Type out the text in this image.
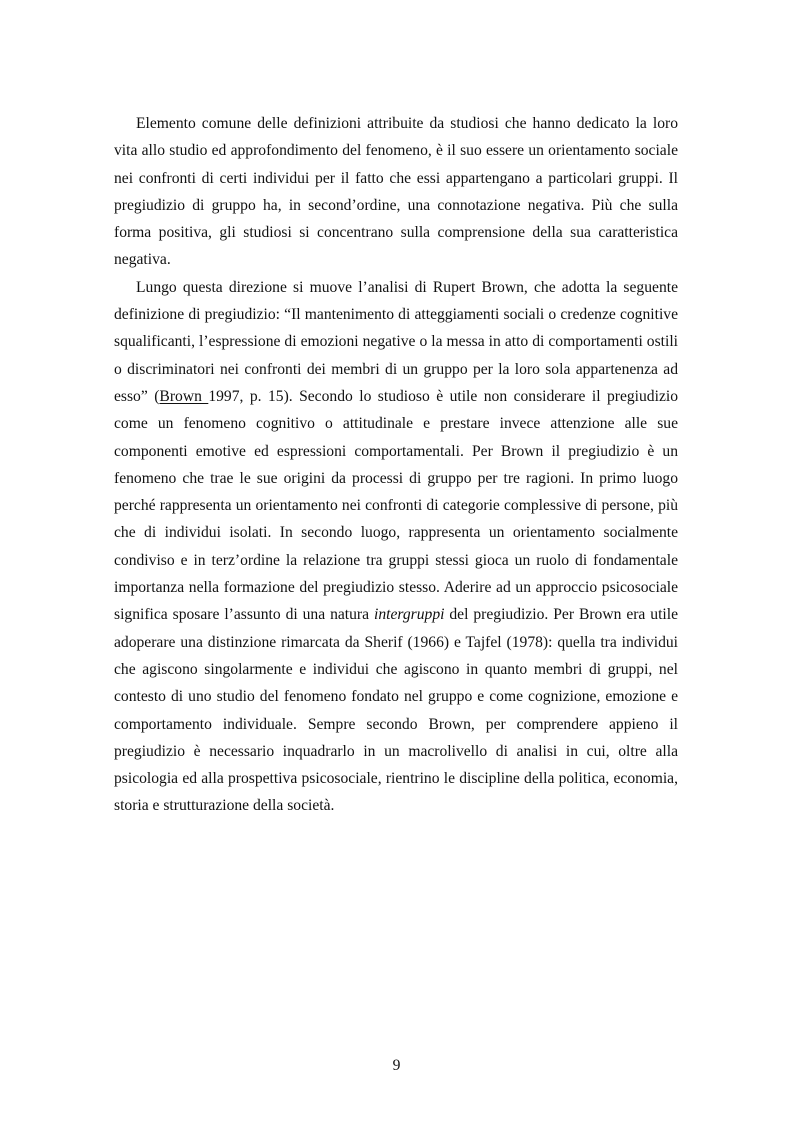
Elemento comune delle definizioni attribuite da studiosi che hanno dedicato la loro vita allo studio ed approfondimento del fenomeno, è il suo essere un orientamento sociale nei confronti di certi individui per il fatto che essi appartengano a particolari gruppi. Il pregiudizio di gruppo ha, in second’ordine, una connotazione negativa. Più che sulla forma positiva, gli studiosi si concentrano sulla comprensione della sua caratteristica negativa.

Lungo questa direzione si muove l’analisi di Rupert Brown, che adotta la seguente definizione di pregiudizio: “Il mantenimento di atteggiamenti sociali o credenze cognitive squalificanti, l’espressione di emozioni negative o la messa in atto di comportamenti ostili o discriminatori nei confronti dei membri di un gruppo per la loro sola appartenenza ad esso” (Brown 1997, p. 15). Secondo lo studioso è utile non considerare il pregiudizio come un fenomeno cognitivo o attitudinale e prestare invece attenzione alle sue componenti emotive ed espressioni comportamentali. Per Brown il pregiudizio è un fenomeno che trae le sue origini da processi di gruppo per tre ragioni. In primo luogo perché rappresenta un orientamento nei confronti di categorie complessive di persone, più che di individui isolati. In secondo luogo, rappresenta un orientamento socialmente condiviso e in terz’ordine la relazione tra gruppi stessi gioca un ruolo di fondamentale importanza nella formazione del pregiudizio stesso. Aderire ad un approccio psicosociale significa sposare l’assunto di una natura intergruppi del pregiudizio. Per Brown era utile adoperare una distinzione rimarcata da Sherif (1966) e Tajfel (1978): quella tra individui che agiscono singolarmente e individui che agiscono in quanto membri di gruppi, nel contesto di uno studio del fenomeno fondato nel gruppo e come cognizione, emozione e comportamento individuale. Sempre secondo Brown, per comprendere appieno il pregiudizio è necessario inquadrarlo in un macrolivello di analisi in cui, oltre alla psicologia ed alla prospettiva psicosociale, rientrino le discipline della politica, economia, storia e strutturazione della società.

9
